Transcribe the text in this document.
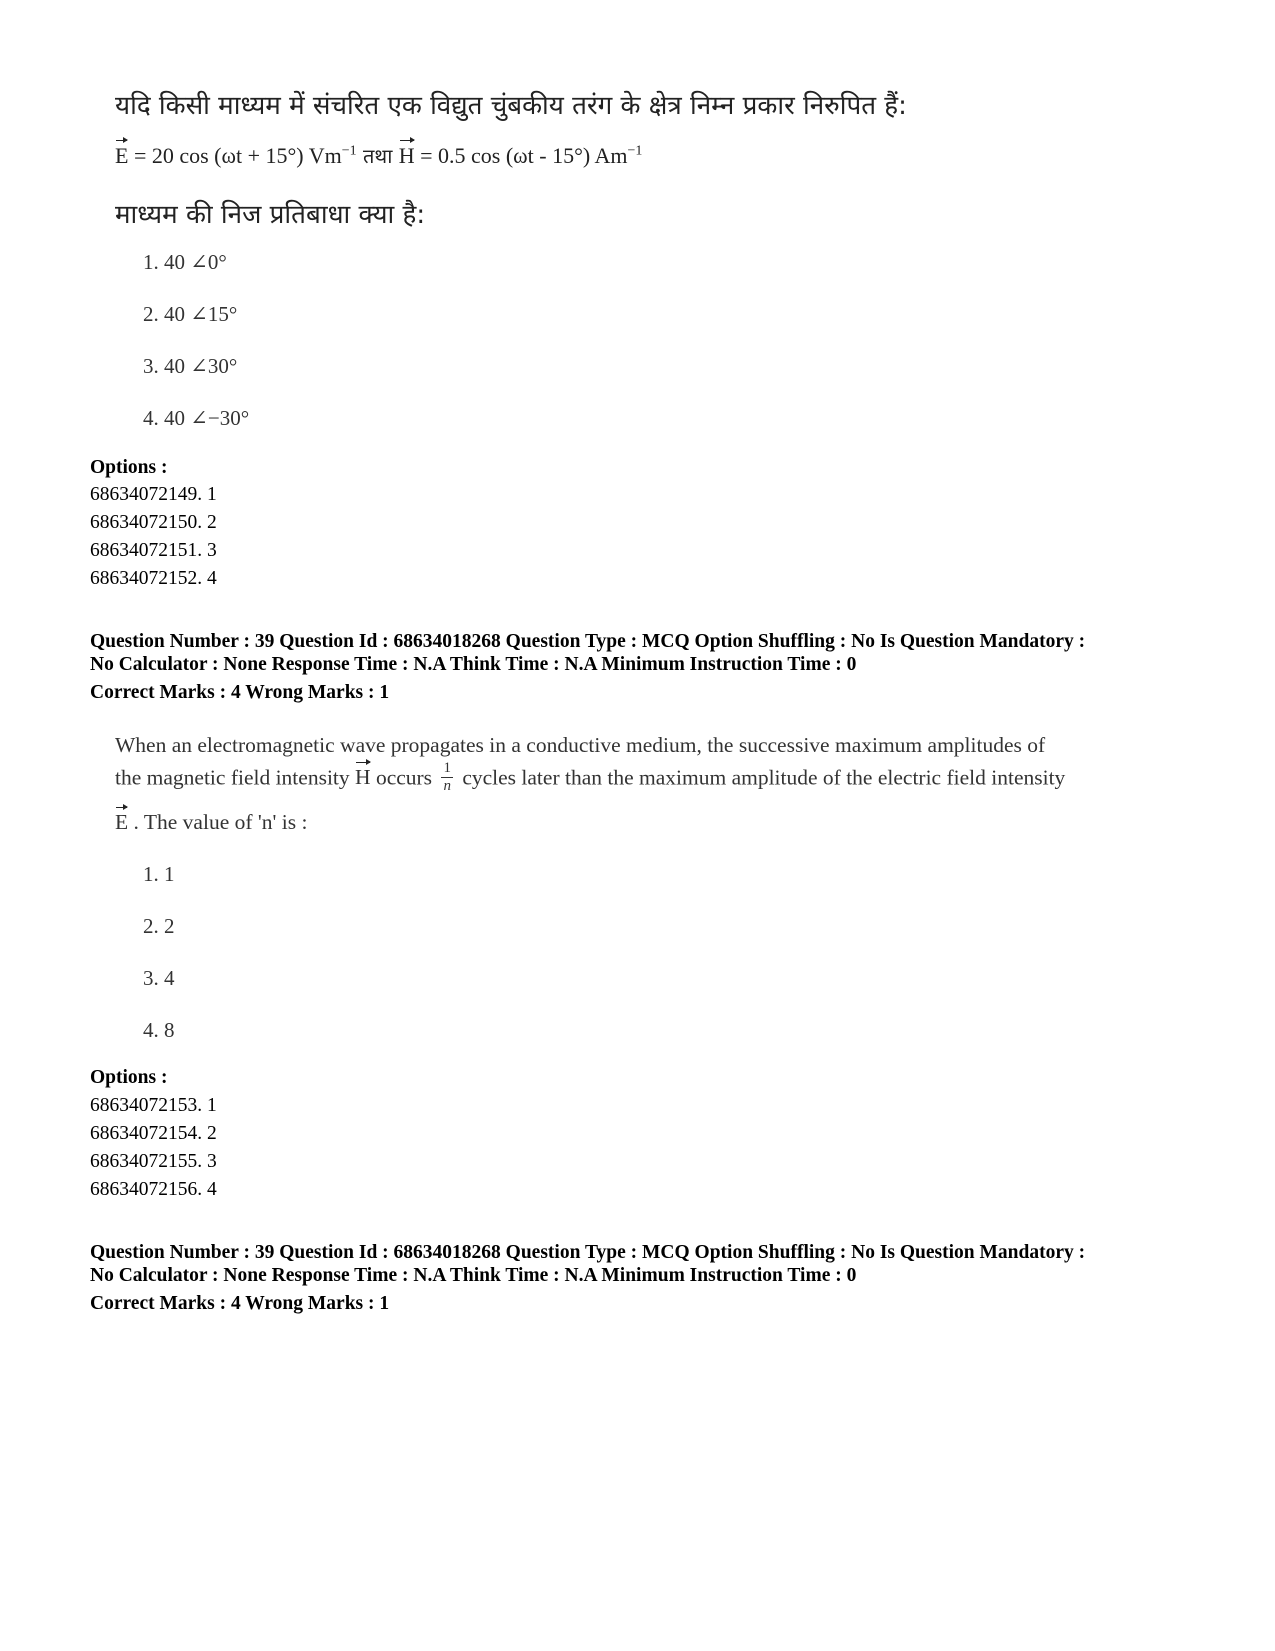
यदि किसी माध्यम में संचरित एक विद्युत चुंबकीय तरंग के क्षेत्र निम्न प्रकार निरुपित हैं:
E = 20 cos (ωt + 15°) $Vm^{-1}$ तथा H = 0.5 cos (ωt - 15°) $Am^{-1}$
माध्यम की निज प्रतिबाधा क्या है:
1. 40 ∠0°
2. 40 ∠15°
3. 40 ∠30°
4. 40 ∠−30°
Options :
68634072149. 1
68634072150. 2
68634072151. 3
68634072152. 4
Question Number : 39 Question Id : 68634018268 Question Type : MCQ Option Shuffling : No Is Question Mandatory :
No Calculator : None Response Time : N.A Think Time : N.A Minimum Instruction Time : 0
Correct Marks : 4 Wrong Marks : 1
When an electromagnetic wave propagates in a conductive medium, the successive maximum amplitudes of
the magnetic field intensity H occurs $\frac{1}{n}$ cycles later than the maximum amplitude of the electric field intensity
E . The value of 'n' is :
1. 1
2. 2
3. 4
4. 8
Options :
68634072153. 1
68634072154. 2
68634072155. 3
68634072156. 4
Question Number : 39 Question Id : 68634018268 Question Type : MCQ Option Shuffling : No Is Question Mandatory :
No Calculator : None Response Time : N.A Think Time : N.A Minimum Instruction Time : 0
Correct Marks : 4 Wrong Marks : 1
